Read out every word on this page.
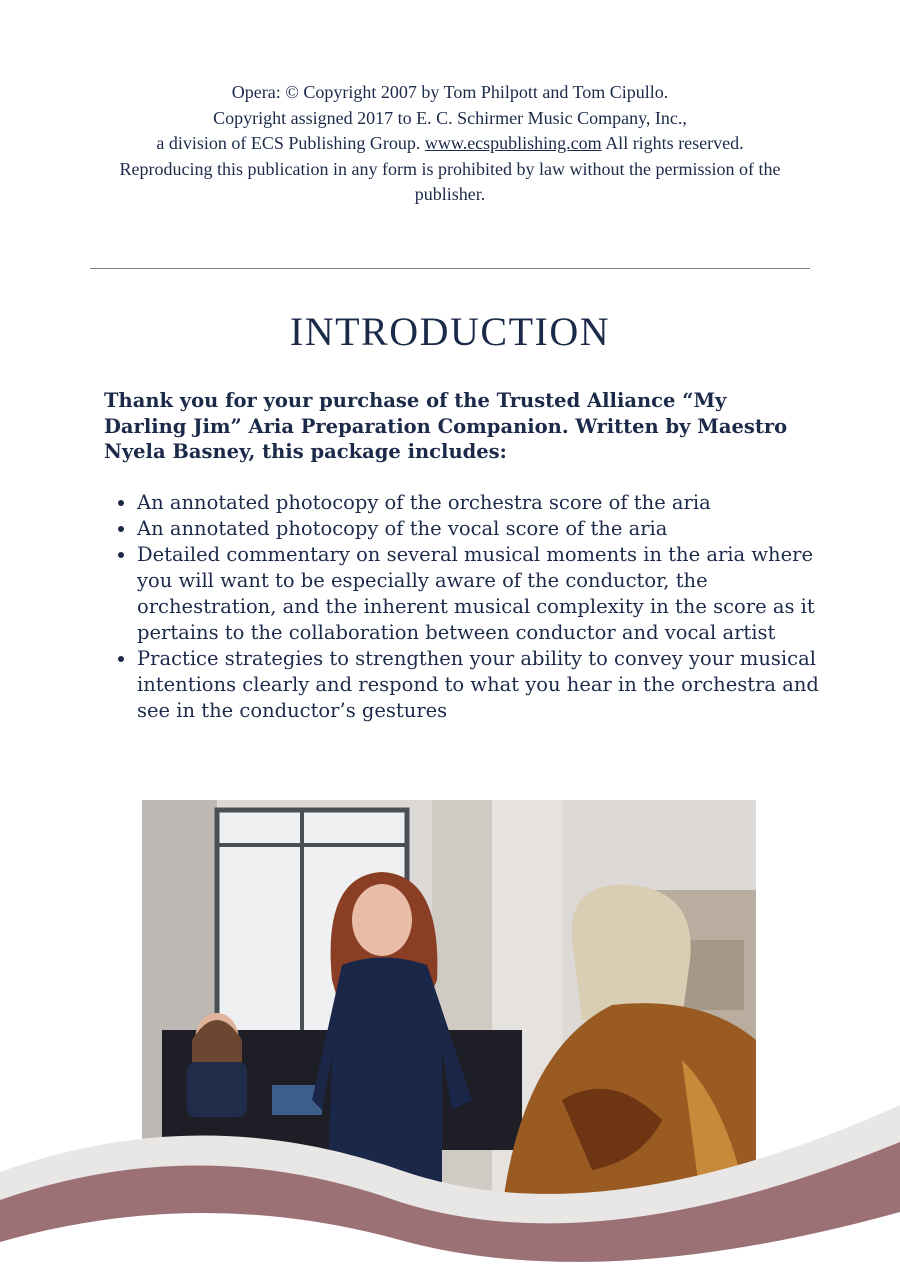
Opera: © Copyright 2007 by Tom Philpott and Tom Cipullo.
Copyright assigned 2017 to E. C. Schirmer Music Company, Inc.,
a division of ECS Publishing Group. www.ecspublishing.com All rights reserved.
Reproducing this publication in any form is prohibited by law without the permission of the publisher.
INTRODUCTION
Thank you for your purchase of the Trusted Alliance “My Darling Jim” Aria Preparation Companion. Written by Maestro Nyela Basney, this package includes:
• An annotated photocopy of the orchestra score of the aria
• An annotated photocopy of the vocal score of the aria
• Detailed commentary on several musical moments in the aria where you will want to be especially aware of the conductor, the orchestration, and the inherent musical complexity in the score as it pertains to the collaboration between conductor and vocal artist
• Practice strategies to strengthen your ability to convey your musical intentions clearly and respond to what you hear in the orchestra and see in the conductor’s gestures
